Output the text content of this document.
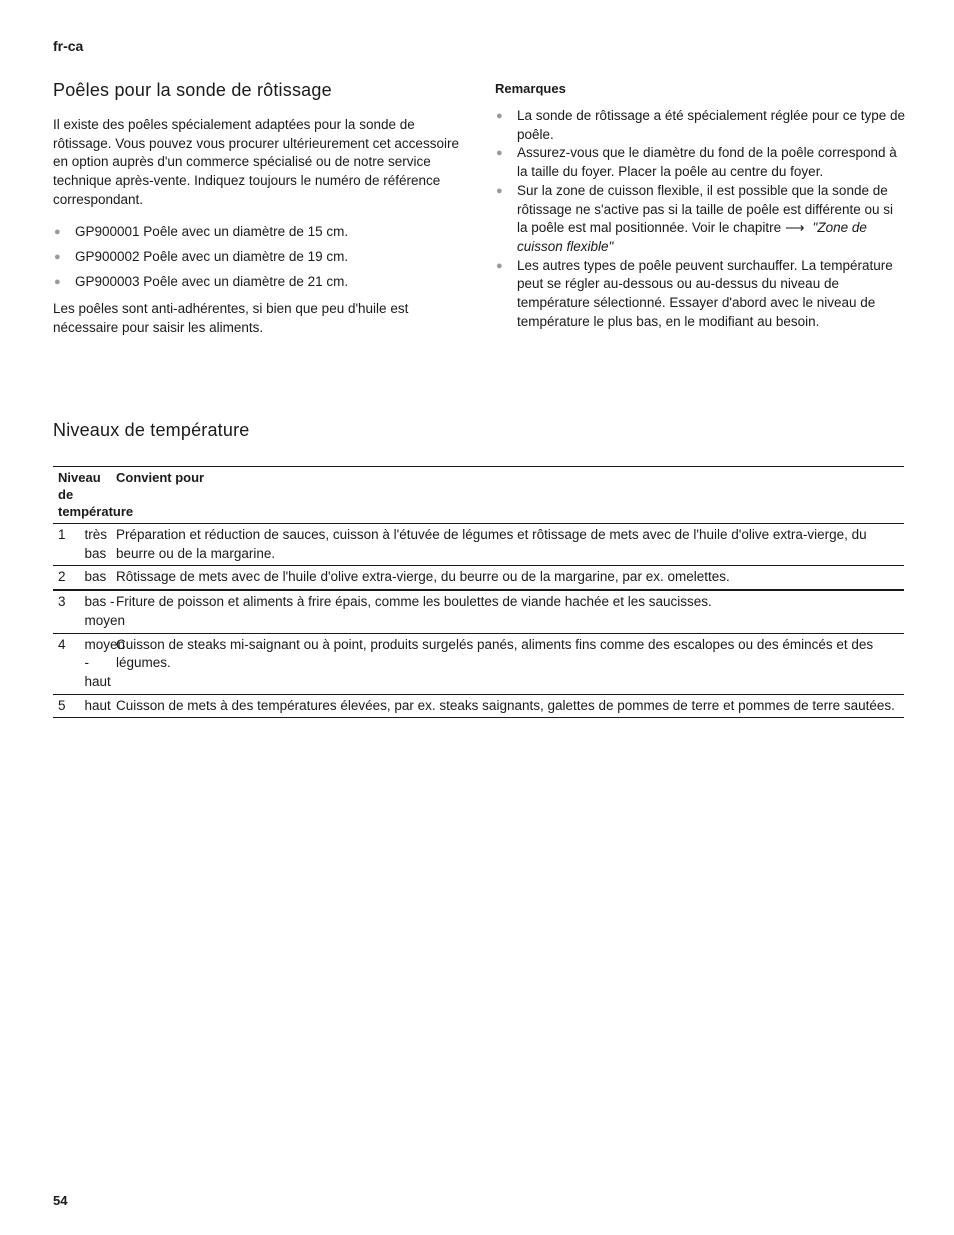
fr-ca
Poêles pour la sonde de rôtissage

Il existe des poêles spécialement adaptées pour la sonde de rôtissage. Vous pouvez vous procurer ultérieurement cet accessoire en option auprès d'un commerce spécialisé ou de notre service technique après-vente. Indiquez toujours le numéro de référence correspondant.

● GP900001 Poêle avec un diamètre de 15 cm.
● GP900002 Poêle avec un diamètre de 19 cm.
● GP900003 Poêle avec un diamètre de 21 cm.

Les poêles sont anti-adhérentes, si bien que peu d'huile est nécessaire pour saisir les aliments.

Remarques
● La sonde de rôtissage a été spécialement réglée pour ce type de poêle.
● Assurez-vous que le diamètre du fond de la poêle correspond à la taille du foyer. Placer la poêle au centre du foyer.
● Sur la zone de cuisson flexible, il est possible que la sonde de rôtissage ne s'active pas si la taille de poêle est différente ou si la poêle est mal positionnée. Voir le chapitre ⟶ "Zone de cuisson flexible"
● Les autres types de poêle peuvent surchauffer. La température peut se régler au-dessous ou au-dessus du niveau de température sélectionné. Essayer d'abord avec le niveau de température le plus bas, en le modifiant au besoin.
Niveaux de température
Niveau de température		Convient pour
1	très bas	Préparation et réduction de sauces, cuisson à l'étuvée de légumes et rôtissage de mets avec de l'huile d'olive extra-vierge, du beurre ou de la margarine.
2	bas	Rôtissage de mets avec de l'huile d'olive extra-vierge, du beurre ou de la margarine, par ex. omelettes.
3	bas - moyen	Friture de poisson et aliments à frire épais, comme les boulettes de viande hachée et les saucisses.
4	moyen - haut	Cuisson de steaks mi-saignant ou à point, produits surgelés panés, aliments fins comme des escalopes ou des émincés et des légumes.
5	haut	Cuisson de mets à des températures élevées, par ex. steaks saignants, galettes de pommes de terre et pommes de terre sautées.
54
